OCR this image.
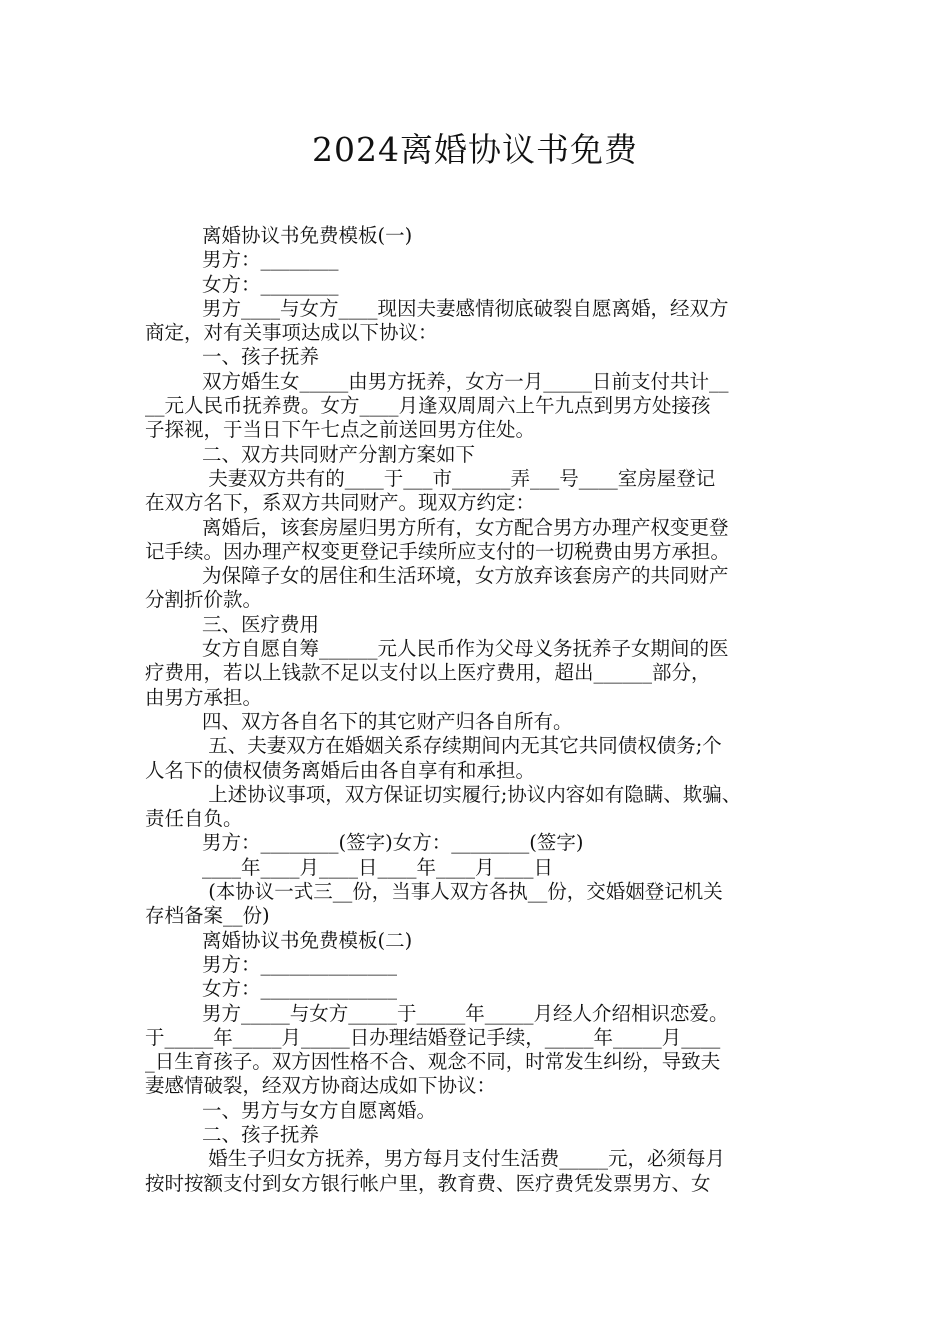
2024离婚协议书免费
离婚协议书免费模板(一)
男方：________
女方：________
男方____与女方____现因夫妻感情彻底破裂自愿离婚，经双方
商定，对有关事项达成以下协议：
一、孩子抚养
双方婚生女_____由男方抚养，女方一月_____日前支付共计__
__元人民币抚养费。女方____月逢双周周六上午九点到男方处接孩
子探视，于当日下午七点之前送回男方住处。
二、双方共同财产分割方案如下
夫妻双方共有的____于___市______弄___号____室房屋登记
在双方名下，系双方共同财产。现双方约定：
离婚后，该套房屋归男方所有，女方配合男方办理产权变更登
记手续。因办理产权变更登记手续所应支付的一切税费由男方承担。
为保障子女的居住和生活环境，女方放弃该套房产的共同财产
分割折价款。
三、医疗费用
女方自愿自筹______元人民币作为父母义务抚养子女期间的医
疗费用，若以上钱款不足以支付以上医疗费用，超出______部分，
由男方承担。
四、双方各自名下的其它财产归各自所有。
五、夫妻双方在婚姻关系存续期间内无其它共同债权债务;个
人名下的债权债务离婚后由各自享有和承担。
上述协议事项，双方保证切实履行;协议内容如有隐瞒、欺骗、
责任自负。
男方：________(签字)女方：________(签字)
____年____月____日____年____月____日
(本协议一式三__份，当事人双方各执__份，交婚姻登记机关
存档备案__份)
离婚协议书免费模板(二)
男方：______________
女方：______________
男方_____与女方_____于_____年_____月经人介绍相识恋爱。
于_____年_____月_____日办理结婚登记手续，_____年_____月____
_日生育孩子。双方因性格不合、观念不同，时常发生纠纷，导致夫
妻感情破裂，经双方协商达成如下协议：
一、男方与女方自愿离婚。
二、孩子抚养
婚生子归女方抚养，男方每月支付生活费_____元，必须每月
按时按额支付到女方银行帐户里，教育费、医疗费凭发票男方、女
